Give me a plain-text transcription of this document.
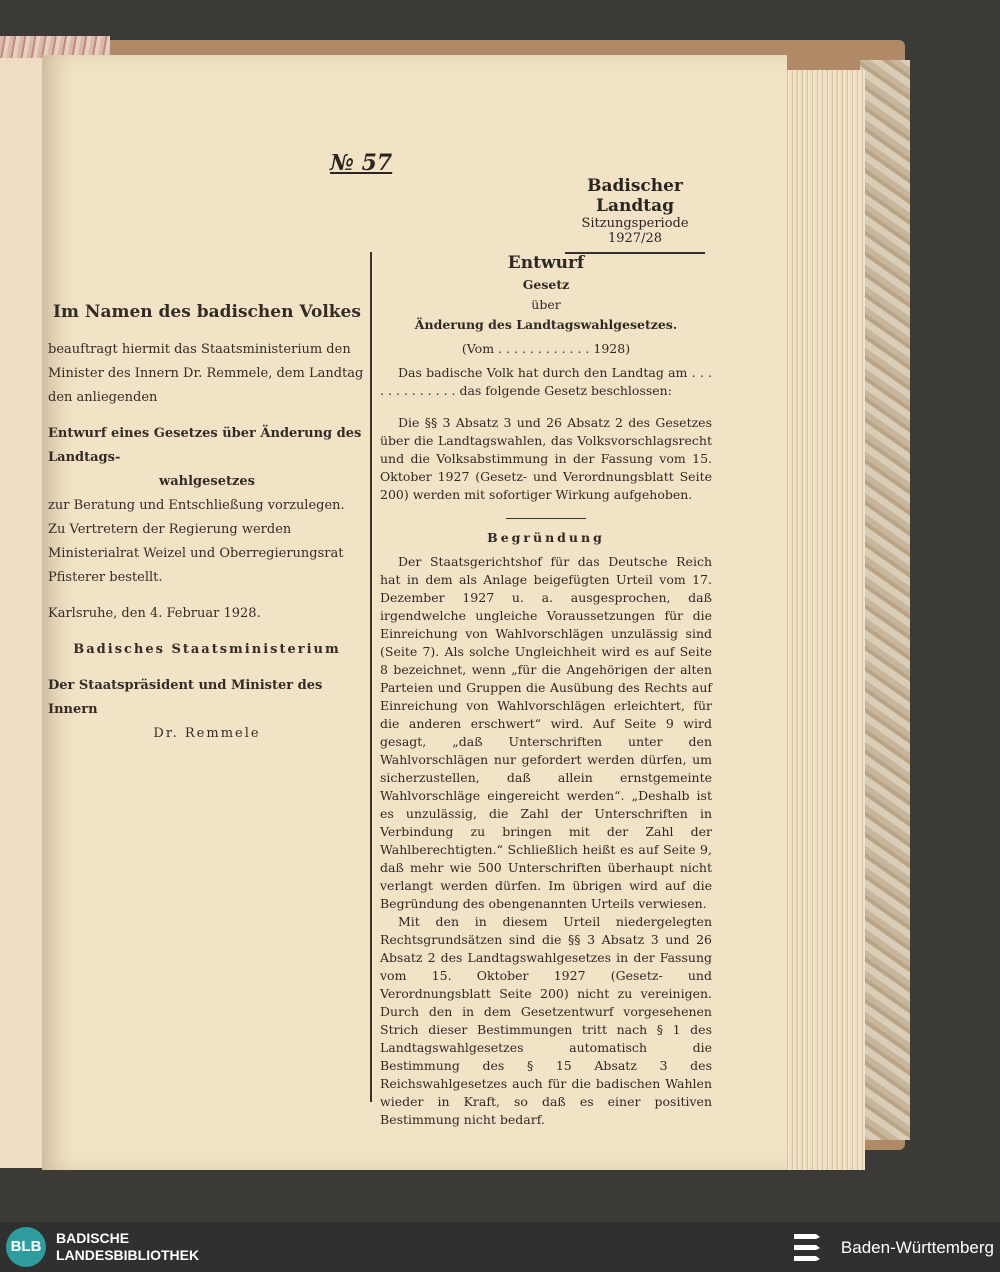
№ 57
Badischer Landtag
Sitzungsperiode
1927/28
Im Namen des badischen Volkes

beauftragt hiermit das Staatsministerium den Minister des Innern Dr. Remmele, dem Landtag den anliegenden

Entwurf eines Gesetzes über Änderung des Landtags-

wahlgesetzes

zur Beratung und Entschließung vorzulegen.

Zu Vertretern der Regierung werden Ministerialrat Weizel und Oberregierungsrat Pfisterer bestellt.

Karlsruhe, den 4. Februar 1928.

Badisches Staatsministerium

Der Staatspräsident und Minister des Innern

Dr. Remmele

Entwurf
Gesetz
über
Änderung des Landtagswahlgesetzes.
(Vom . . . . . . . . . . . . 1928)

Das badische Volk hat durch den Landtag am . . . . . . . . . . . . . das folgende Gesetz beschlossen:

Die §§ 3 Absatz 3 und 26 Absatz 2 des Gesetzes über die Landtagswahlen, das Volksvorschlagsrecht und die Volksabstimmung in der Fassung vom 15. Oktober 1927 (Gesetz- und Verordnungsblatt Seite 200) werden mit sofortiger Wirkung aufgehoben.

Begründung

Der Staatsgerichtshof für das Deutsche Reich hat in dem als Anlage beigefügten Urteil vom 17. Dezember 1927 u. a. ausgesprochen, daß irgendwelche ungleiche Voraussetzungen für die Einreichung von Wahlvorschlägen unzulässig sind (Seite 7). Als solche Ungleichheit wird es auf Seite 8 bezeichnet, wenn „für die Angehörigen der alten Parteien und Gruppen die Ausübung des Rechts auf Einreichung von Wahlvorschlägen erleichtert, für die anderen erschwert“ wird. Auf Seite 9 wird gesagt, „daß Unterschriften unter den Wahlvorschlägen nur gefordert werden dürfen, um sicherzustellen, daß allein ernstgemeinte Wahlvorschläge eingereicht werden“. „Deshalb ist es unzulässig, die Zahl der Unterschriften in Verbindung zu bringen mit der Zahl der Wahlberechtigten.“ Schließlich heißt es auf Seite 9, daß mehr wie 500 Unterschriften überhaupt nicht verlangt werden dürfen. Im übrigen wird auf die Begründung des obengenannten Urteils verwiesen.

Mit den in diesem Urteil niedergelegten Rechtsgrundsätzen sind die §§ 3 Absatz 3 und 26 Absatz 2 des Landtagswahlgesetzes in der Fassung vom 15. Oktober 1927 (Gesetz- und Verordnungsblatt Seite 200) nicht zu vereinigen. Durch den in dem Gesetzentwurf vorgesehenen Strich dieser Bestimmungen tritt nach § 1 des Landtagswahlgesetzes automatisch die Bestimmung des § 15 Absatz 3 des Reichswahlgesetzes auch für die badischen Wahlen wieder in Kraft, so daß es einer positiven Bestimmung nicht bedarf.

BLB	BADISCHE
LANDESBIBLIOTHEK	Baden-Württemberg
